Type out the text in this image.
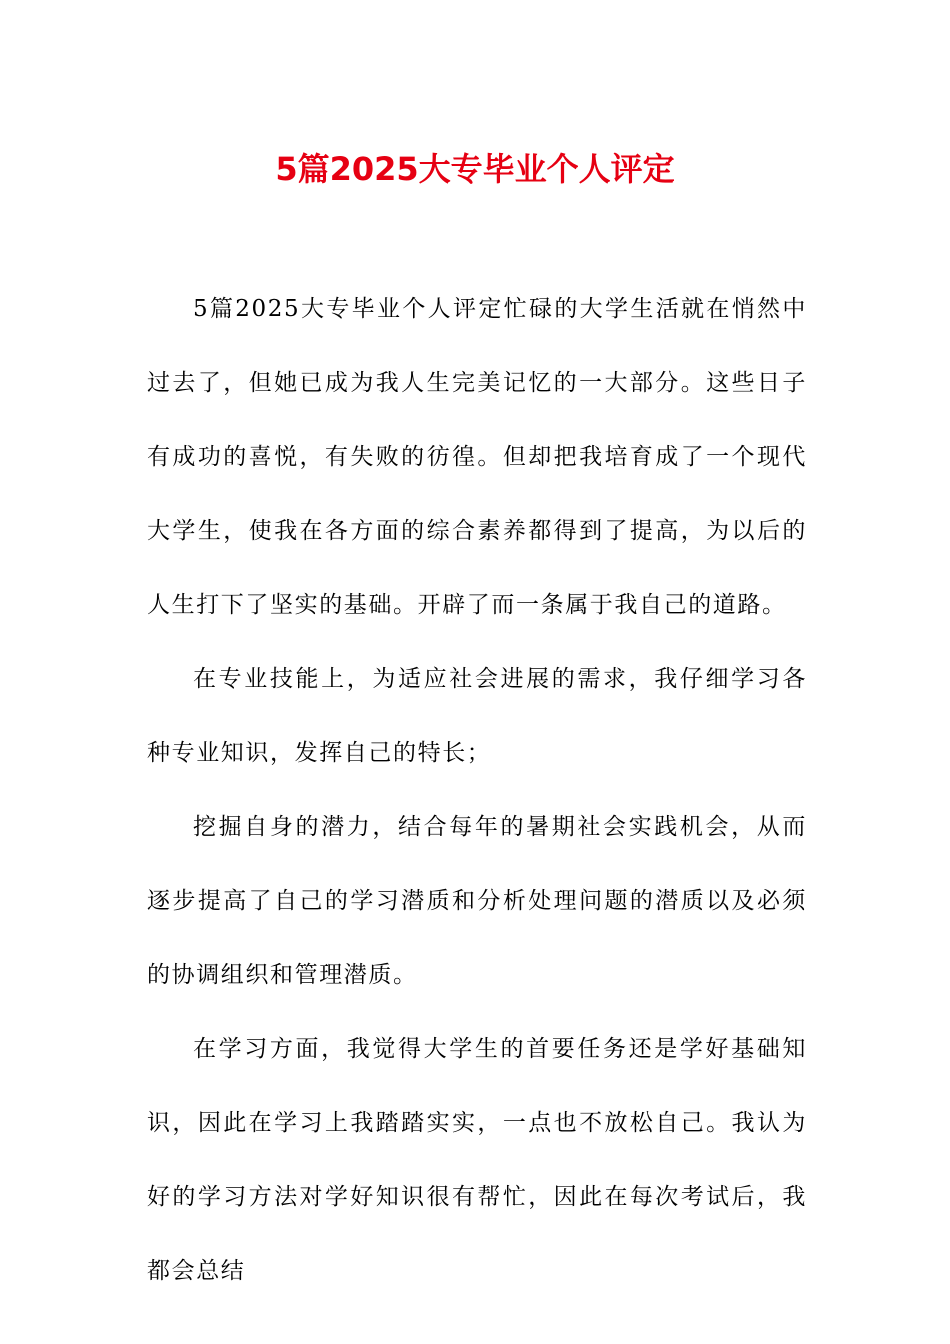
5篇2025大专毕业个人评定

5篇2025大专毕业个人评定忙碌的大学生活就在悄然中过去了，但她已成为我人生完美记忆的一大部分。这些日子有成功的喜悦，有失败的彷徨。但却把我培育成了一个现代大学生，使我在各方面的综合素养都得到了提高，为以后的人生打下了坚实的基础。开辟了而一条属于我自己的道路。

在专业技能上，为适应社会进展的需求，我仔细学习各种专业知识，发挥自己的特长；

挖掘自身的潜力，结合每年的暑期社会实践机会，从而逐步提高了自己的学习潜质和分析处理问题的潜质以及必须的协调组织和管理潜质。

在学习方面，我觉得大学生的首要任务还是学好基础知识，因此在学习上我踏踏实实，一点也不放松自己。我认为好的学习方法对学好知识很有帮忙，因此在每次考试后，我都会总结
